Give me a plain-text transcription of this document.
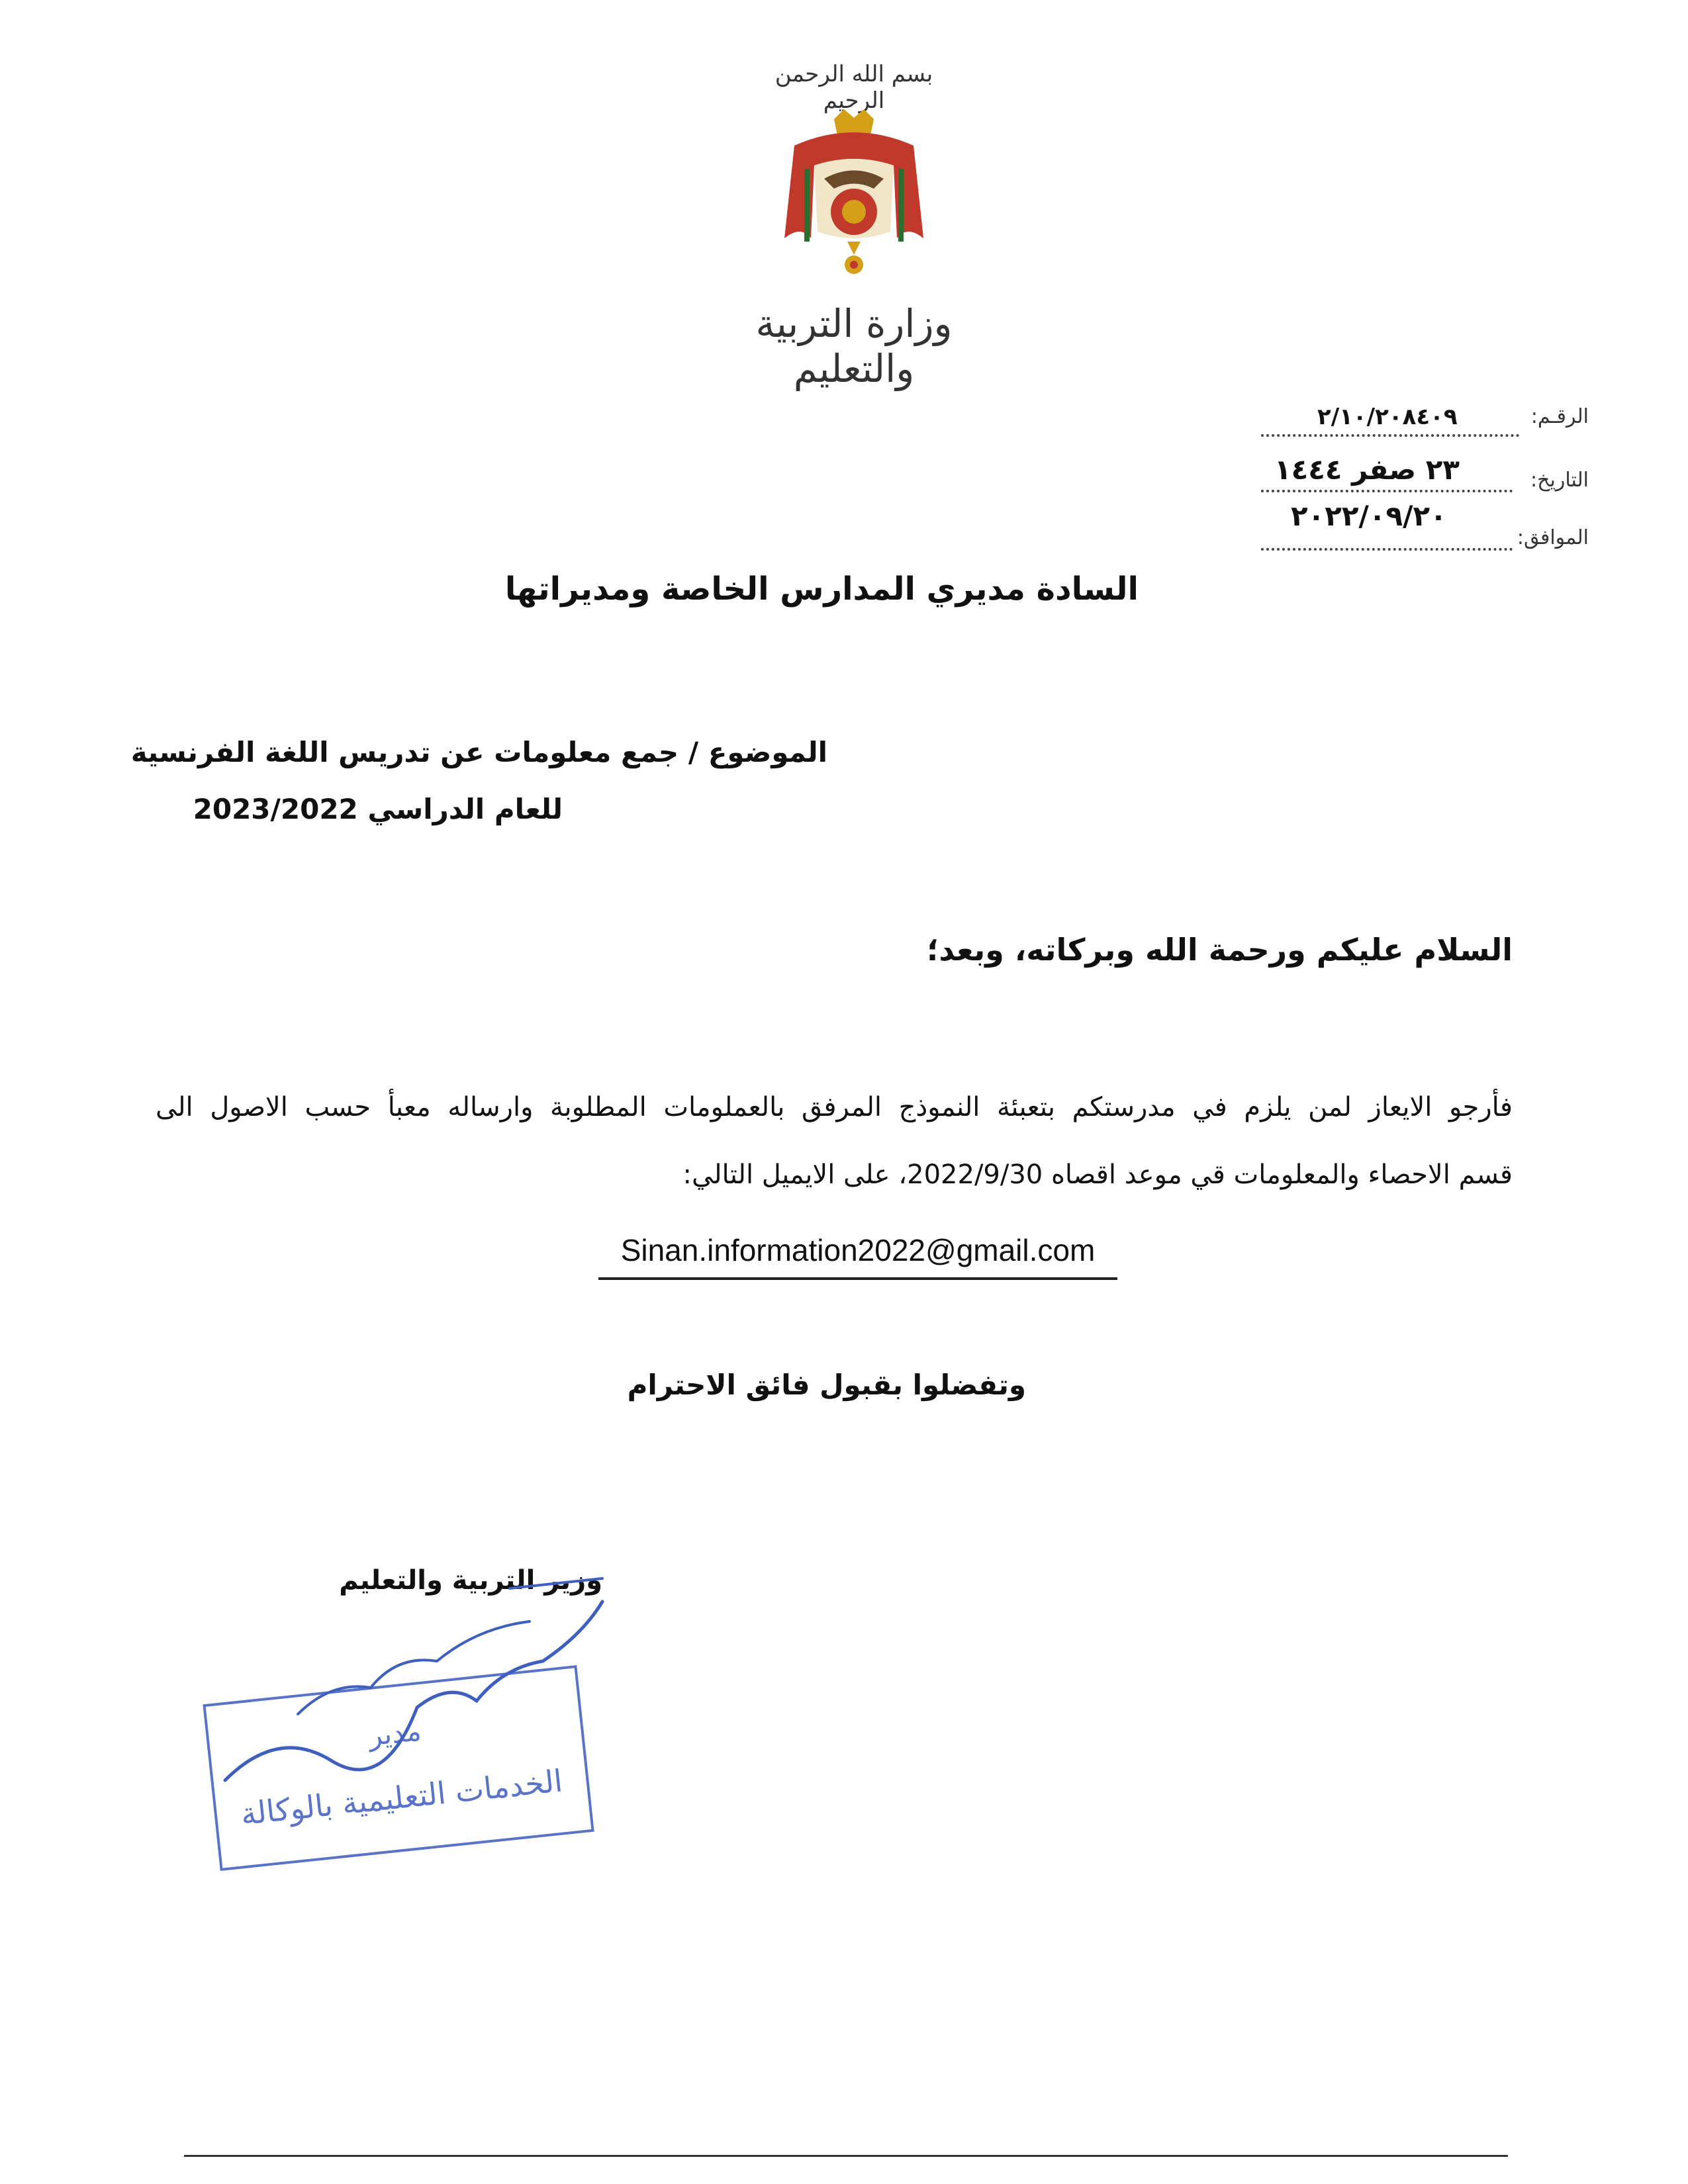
بسم الله الرحمن الرحيم
وزارة التربية والتعليم
الرقـم:
٢/١٠/٢٠٨٤٠٩
التاريخ:
٢٣ صفر ١٤٤٤
الموافق:
٢٠٢٢/٠٩/٢٠
السادة مديري المدارس الخاصة ومديراتها
الموضوع / جمع معلومات عن تدريس اللغة الفرنسية
للعام الدراسي 2023/2022
السلام عليكم ورحمة الله وبركاته، وبعد؛
فأرجو الايعاز لمن يلزم في مدرستكم بتعبئة النموذج المرفق بالعملومات المطلوبة وارساله معبأ حسب الاصول الى
قسم الاحصاء والمعلومات قي موعد اقصاه 2022/9/30، على الايميل التالي:
Sinan.information2022@gmail.com
وتفضلوا بقبول فائق الاحترام
وزير التربية والتعليم
مدير
الخدمات التعليمية بالوكالة
